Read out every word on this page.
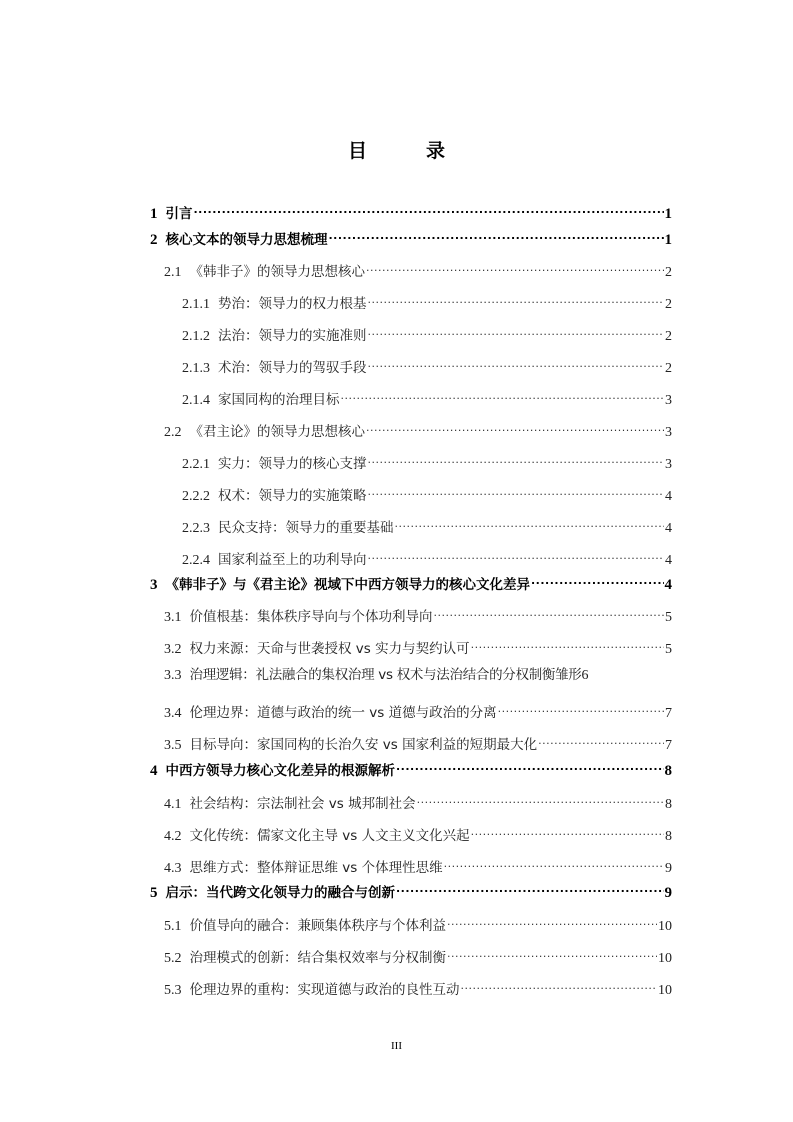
目　录
1 引言 .....	1
2 核心文本的领导力思想梳理 .....	1
2.1 《韩非子》的领导力思想核心 .....	2
2.1.1 势治：领导力的权力根基 .....	2
2.1.2 法治：领导力的实施准则 .....	2
2.1.3 术治：领导力的驾驭手段 .....	2
2.1.4 家国同构的治理目标 .....	3
2.2 《君主论》的领导力思想核心 .....	3
2.2.1 实力：领导力的核心支撑 .....	3
2.2.2 权术：领导力的实施策略 .....	4
2.2.3 民众支持：领导力的重要基础 .....	4
2.2.4 国家利益至上的功利导向 .....	4
3 《韩非子》与《君主论》视域下中西方领导力的核心文化差异 .....	4
3.1 价值根基：集体秩序导向与个体功利导向 .....	5
3.2 权力来源：天命与世袭授权 vs 实力与契约认可 .....	5
3.3 治理逻辑：礼法融合的集权治理 vs 权术与法治结合的分权制衡雏形 6
3.4 伦理边界：道德与政治的统一 vs 道德与政治的分离 .....	7
3.5 目标导向：家国同构的长治久安 vs 国家利益的短期最大化 .....	7
4 中西方领导力核心文化差异的根源解析 .....	8
4.1 社会结构：宗法制社会 vs 城邦制社会 .....	8
4.2 文化传统：儒家文化主导 vs 人文主义文化兴起 .....	8
4.3 思维方式：整体辩证思维 vs 个体理性思维 .....	9
5 启示：当代跨文化领导力的融合与创新 .....	9
5.1 价值导向的融合：兼顾集体秩序与个体利益 .....	10
5.2 治理模式的创新：结合集权效率与分权制衡 .....	10
5.3 伦理边界的重构：实现道德与政治的良性互动 .....	10
III
